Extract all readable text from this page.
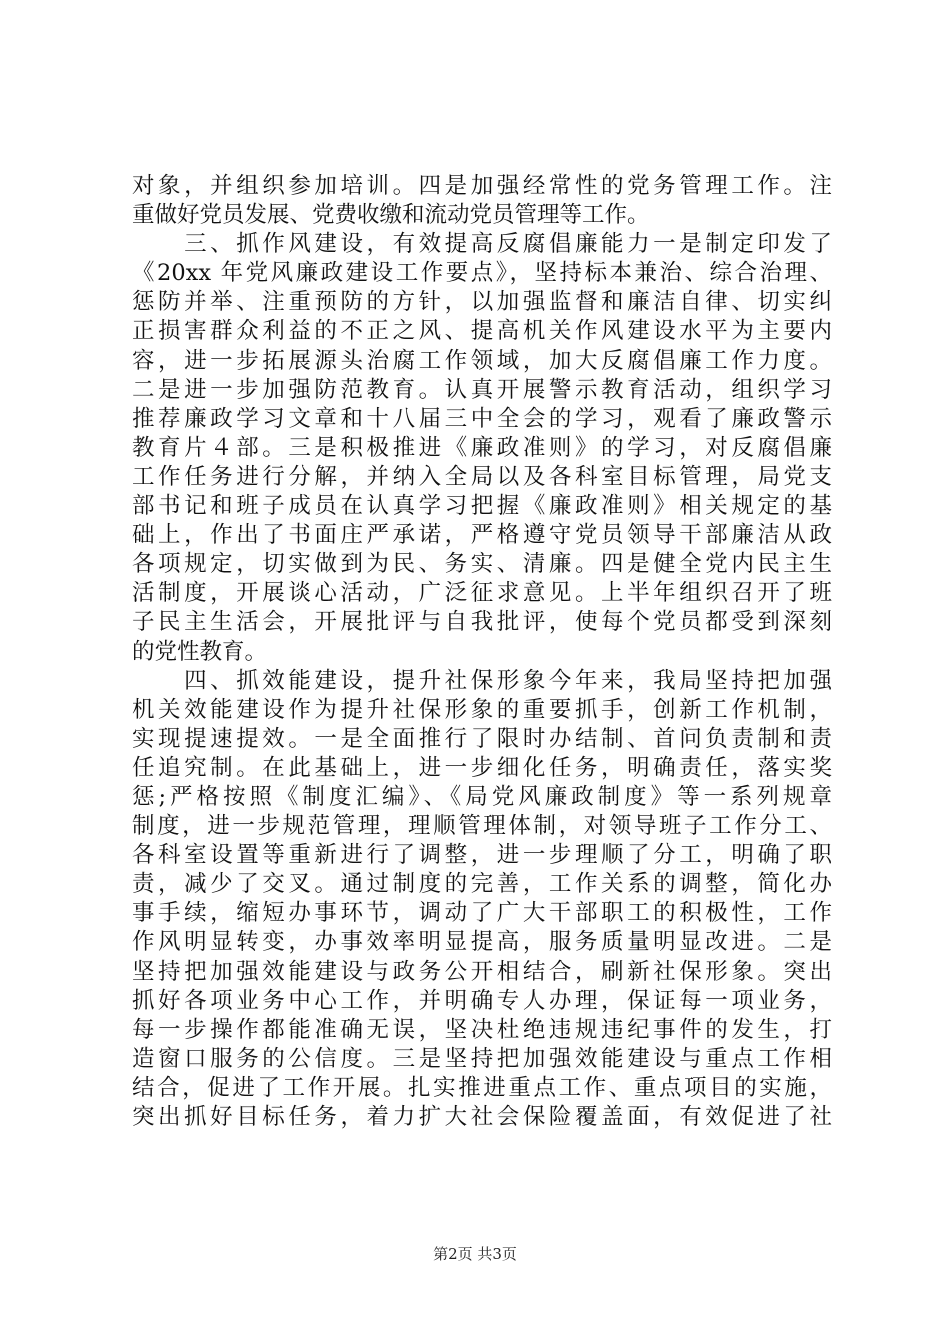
对象，并组织参加培训。四是加强经常性的党务管理工作。注
重做好党员发展、党费收缴和流动党员管理等工作。
　　三、抓作风建设，有效提高反腐倡廉能力一是制定印发了
《20xx 年党风廉政建设工作要点》，坚持标本兼治、综合治理、
惩防并举、注重预防的方针，以加强监督和廉洁自律、切实纠
正损害群众利益的不正之风、提高机关作风建设水平为主要内
容，进一步拓展源头治腐工作领域，加大反腐倡廉工作力度。
二是进一步加强防范教育。认真开展警示教育活动，组织学习
推荐廉政学习文章和十八届三中全会的学习，观看了廉政警示
教育片４部。三是积极推进《廉政准则》的学习，对反腐倡廉
工作任务进行分解，并纳入全局以及各科室目标管理，局党支
部书记和班子成员在认真学习把握《廉政准则》相关规定的基
础上，作出了书面庄严承诺，严格遵守党员领导干部廉洁从政
各项规定，切实做到为民、务实、清廉。四是健全党内民主生
活制度，开展谈心活动，广泛征求意见。上半年组织召开了班
子民主生活会，开展批评与自我批评，使每个党员都受到深刻
的党性教育。
　　四、抓效能建设，提升社保形象今年来，我局坚持把加强
机关效能建设作为提升社保形象的重要抓手，创新工作机制，
实现提速提效。一是全面推行了限时办结制、首问负责制和责
任追究制。在此基础上，进一步细化任务，明确责任，落实奖
惩;严格按照《制度汇编》、《局党风廉政制度》等一系列规章
制度，进一步规范管理，理顺管理体制，对领导班子工作分工、
各科室设置等重新进行了调整，进一步理顺了分工，明确了职
责，减少了交叉。通过制度的完善，工作关系的调整，简化办
事手续，缩短办事环节，调动了广大干部职工的积极性，工作
作风明显转变，办事效率明显提高，服务质量明显改进。二是
坚持把加强效能建设与政务公开相结合，刷新社保形象。突出
抓好各项业务中心工作，并明确专人办理，保证每一项业务，
每一步操作都能准确无误，坚决杜绝违规违纪事件的发生，打
造窗口服务的公信度。三是坚持把加强效能建设与重点工作相
结合，促进了工作开展。扎实推进重点工作、重点项目的实施，
突出抓好目标任务，着力扩大社会保险覆盖面，有效促进了社
第2页 共3页
